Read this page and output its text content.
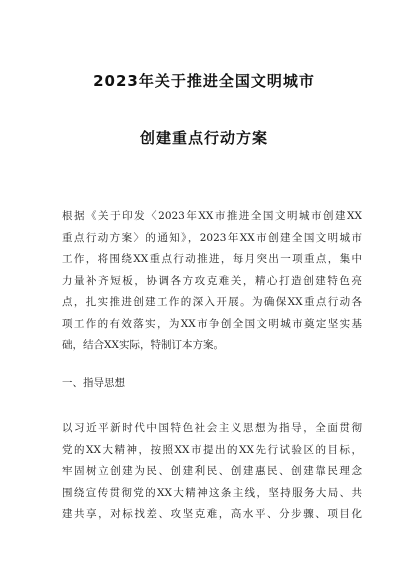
2023年关于推进全国文明城市
创建重点行动方案
根据《关于印发〈2023年XX市推进全国文明城市创建XX
重点行动方案〉的通知》，2023年XX市创建全国文明城市
工作，将围绕XX重点行动推进，每月突出一项重点，集中
力量补齐短板，协调各方攻克难关，精心打造创建特色亮
点，扎实推进创建工作的深入开展。为确保XX重点行动各
项工作的有效落实，为XX市争创全国文明城市奠定坚实基
础，结合XX实际，特制订本方案。
一、指导思想
以习近平新时代中国特色社会主义思想为指导，全面贯彻
党的XX大精神，按照XX市提出的XX先行试验区的目标，
牢固树立创建为民、创建利民、创建惠民、创建靠民理念
围绕宣传贯彻党的XX大精神这条主线，坚持服务大局、共
建共享，对标找差、攻坚克难，高水平、分步骤、项目化
